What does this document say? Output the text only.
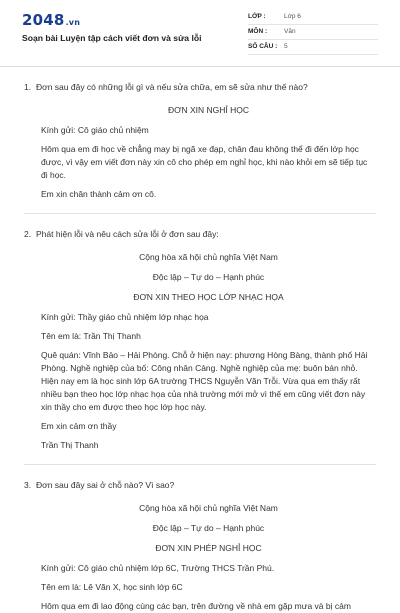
2048.vn
Soạn bài Luyện tập cách viết đơn và sửa lỗi
LỚP :	Lớp 6
MÔN :	Văn
SỐ CÂU :	5
1. Đơn sau đây có những lỗi gì và nếu sửa chữa, em sẽ sửa như thế nào?

ĐƠN XIN NGHỈ HỌC

Kính gửi: Cô giáo chủ nhiệm

Hôm qua em đi học về chẳng may bị ngã xe đạp, chân đau không thể đi đến lớp học được, vì vậy em viết đơn này xin cô cho phép em nghỉ học, khi nào khỏi em sẽ tiếp tục đi học.

Em xin chân thành cảm ơn cô.

2. Phát hiện lỗi và nêu cách sửa lỗi ở đơn sau đây:

Cộng hòa xã hội chủ nghĩa Việt Nam

Độc lập – Tự do – Hạnh phúc

ĐƠN XIN THEO HỌC LỚP NHẠC HỌA

Kính gửi: Thầy giáo chủ nhiệm lớp nhạc họa

Tên em là: Trần Thị Thanh

Quê quán: Vĩnh Bảo – Hải Phòng. Chỗ ở hiện nay: phương Hòng Bàng, thành phố Hải Phòng. Nghề nghiệp của bố: Công nhân Cảng. Nghề nghiệp của mẹ: buôn bán nhỏ. Hiện nay em là học sinh lớp 6A trường THCS Nguyễn Văn Trỗi. Vừa qua em thấy rất nhiều bạn theo học lớp nhạc họa của nhà trường mới mở vì thế em cũng viết đơn này xin thầy cho em được theo học lớp học này.

Em xin cảm ơn thầy

Trần Thị Thanh

3. Đơn sau đây sai ở chỗ nào? Vì sao?

Cộng hòa xã hội chủ nghĩa Việt Nam

Độc lập – Tự do – Hạnh phúc

ĐƠN XIN PHÉP NGHỈ HỌC

Kính gửi: Cô giáo chủ nhiệm lớp 6C, Trường THCS Trần Phú.

Tên em là: Lê Văn X, học sinh lớp 6C

Hôm qua em đi lao động cùng các bạn, trên đường về nhà em gặp mưa và bị cảm
